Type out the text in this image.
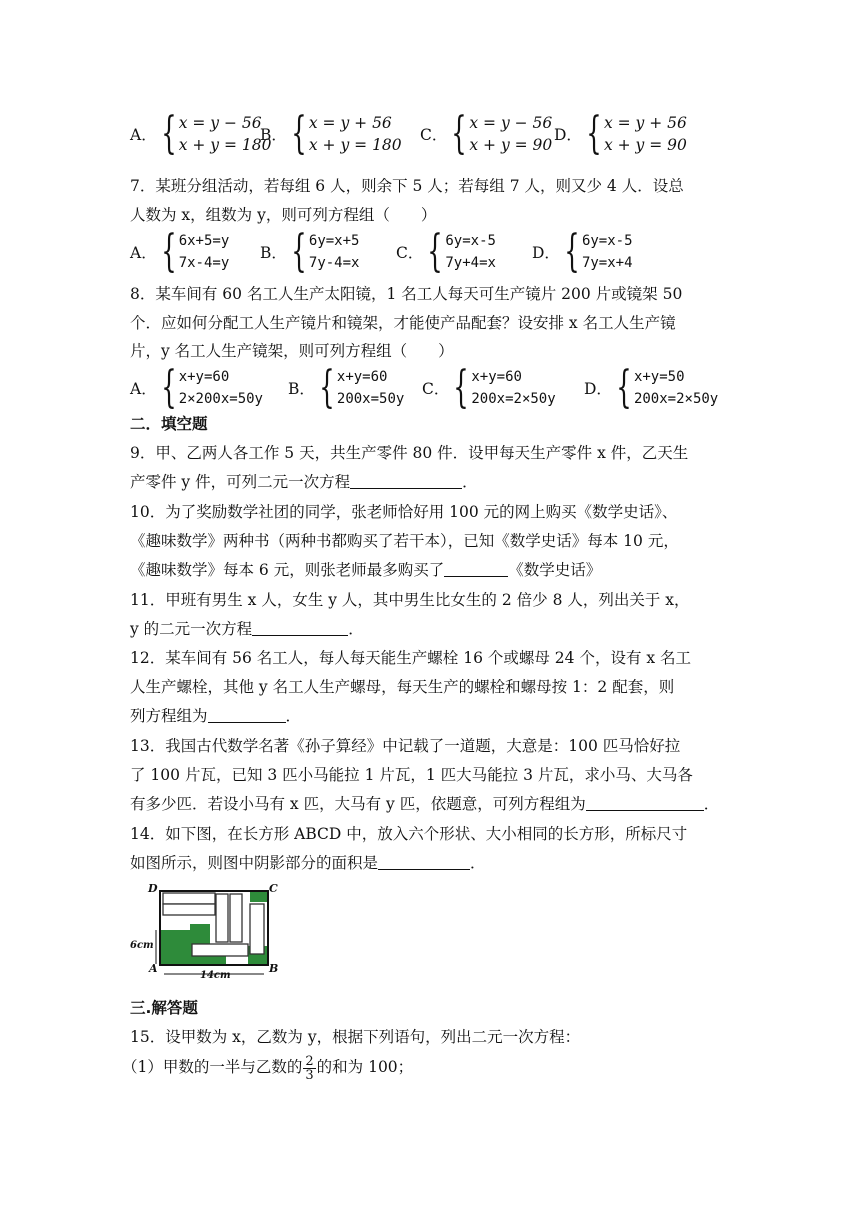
A． { x = y − 56
x + y = 180
B． { x = y + 56
x + y = 180
C． { x = y − 56
x + y = 90
D． { x = y + 56
x + y = 90
7．某班分组活动，若每组 6 人，则余下 5 人；若每组 7 人，则又少 4 人．设总
人数为 x，组数为 y，则可列方程组（　　）
A． { 6x+5=y
7x-4=y
B． { 6y=x+5
7y-4=x
C． { 6y=x-5
7y+4=x
D． { 6y=x-5
7y=x+4
8．某车间有 60 名工人生产太阳镜，1 名工人每天可生产镜片 200 片或镜架 50
个．应如何分配工人生产镜片和镜架，才能使产品配套？设安排 x 名工人生产镜
片，y 名工人生产镜架，则可列方程组（　　）
A． { x+y=60
2×200x=50y
B． { x+y=60
200x=50y
C． { x+y=60
200x=2×50y
D． { x+y=50
200x=2×50y
二．填空题
9．甲、乙两人各工作 5 天，共生产零件 80 件．设甲每天生产零件 x 件，乙天生
产零件 y 件，可列二元一次方程	．
10．为了奖励数学社团的同学，张老师恰好用 100 元的网上购买《数学史话》、
《趣味数学》两种书（两种书都购买了若干本），已知《数学史话》每本 10 元，
《趣味数学》每本 6 元，则张老师最多购买了	《数学史话》
11．甲班有男生 x 人，女生 y 人，其中男生比女生的 2 倍少 8 人，列出关于 x，
y 的二元一次方程	．
12．某车间有 56 名工人，每人每天能生产螺栓 16 个或螺母 24 个，设有 x 名工
人生产螺栓，其他 y 名工人生产螺母，每天生产的螺栓和螺母按 1：2 配套，则
列方程组为	．
13．我国古代数学名著《孙子算经》中记载了一道题，大意是：100 匹马恰好拉
了 100 片瓦，已知 3 匹小马能拉 1 片瓦，1 匹大马能拉 3 片瓦，求小马、大马各
有多少匹．若设小马有 x 匹，大马有 y 匹，依题意，可列方程组为	．
14．如下图，在长方形 ABCD 中，放入六个形状、大小相同的长方形，所标尺寸
如图所示，则图中阴影部分的面积是	．
D	C
A	B
6cm
14cm
三.解答题
15．设甲数为 x，乙数为 y，根据下列语句，列出二元一次方程：
（1）甲数的一半与乙数的 $\frac{2}{3}$ 的和为 100；
